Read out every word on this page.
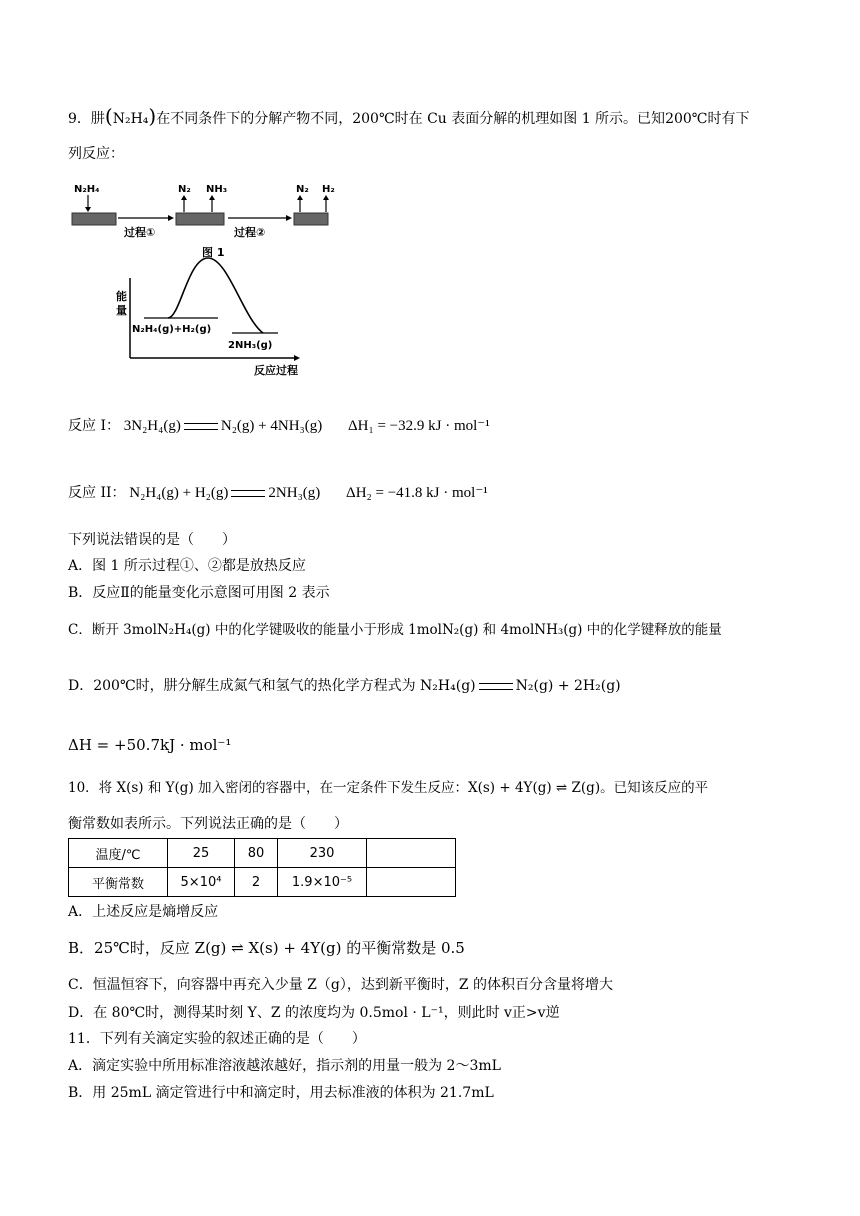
9．肼(N₂H₄)在不同条件下的分解产物不同，200℃时在 Cu 表面分解的机理如图 1 所示。已知200℃时有下
列反应：
N₂H₄
过程①
N₂ NH₃
过程②
图 1
N₂ H₂
能
量
N₂H₄(g)+H₂(g)
2NH₃(g)
反应过程
反应 I： 3N₂H₄(g)	N₂(g) + 4NH₃(g) ΔH₁ = −32.9 kJ · mol⁻¹
反应 II： N₂H₄(g) + H₂(g)	2NH₃(g) ΔH₂ = −41.8 kJ · mol⁻¹
下列说法错误的是（　　）
A．图 1 所示过程①、②都是放热反应
B．反应Ⅱ的能量变化示意图可用图 2 表示
C．断开 3molN₂H₄(g) 中的化学键吸收的能量小于形成 1molN₂(g) 和 4molNH₃(g) 中的化学键释放的能量
D．200℃时，肼分解生成氮气和氢气的热化学方程式为 N₂H₄(g)	N₂(g) + 2H₂(g)
ΔH = +50.7kJ · mol⁻¹
10．将 X(s) 和 Y(g) 加入密闭的容器中，在一定条件下发生反应：X(s) + 4Y(g) ⇌ Z(g)。已知该反应的平
衡常数如表所示。下列说法正确的是（　　）
温度/℃	25	80	230	
平衡常数	5×10⁴	2	1.9×10⁻⁵	
A．上述反应是熵增反应
B．25℃时，反应 Z(g) ⇌ X(s) + 4Y(g) 的平衡常数是 0.5
C．恒温恒容下，向容器中再充入少量 Z（g），达到新平衡时，Z 的体积百分含量将增大
D．在 80℃时，测得某时刻 Y、Z 的浓度均为 0.5mol · L⁻¹，则此时 v正>v逆
11．下列有关滴定实验的叙述正确的是（　　）
A．滴定实验中所用标准溶液越浓越好，指示剂的用量一般为 2～3mL
B．用 25mL 滴定管进行中和滴定时，用去标准液的体积为 21.7mL
